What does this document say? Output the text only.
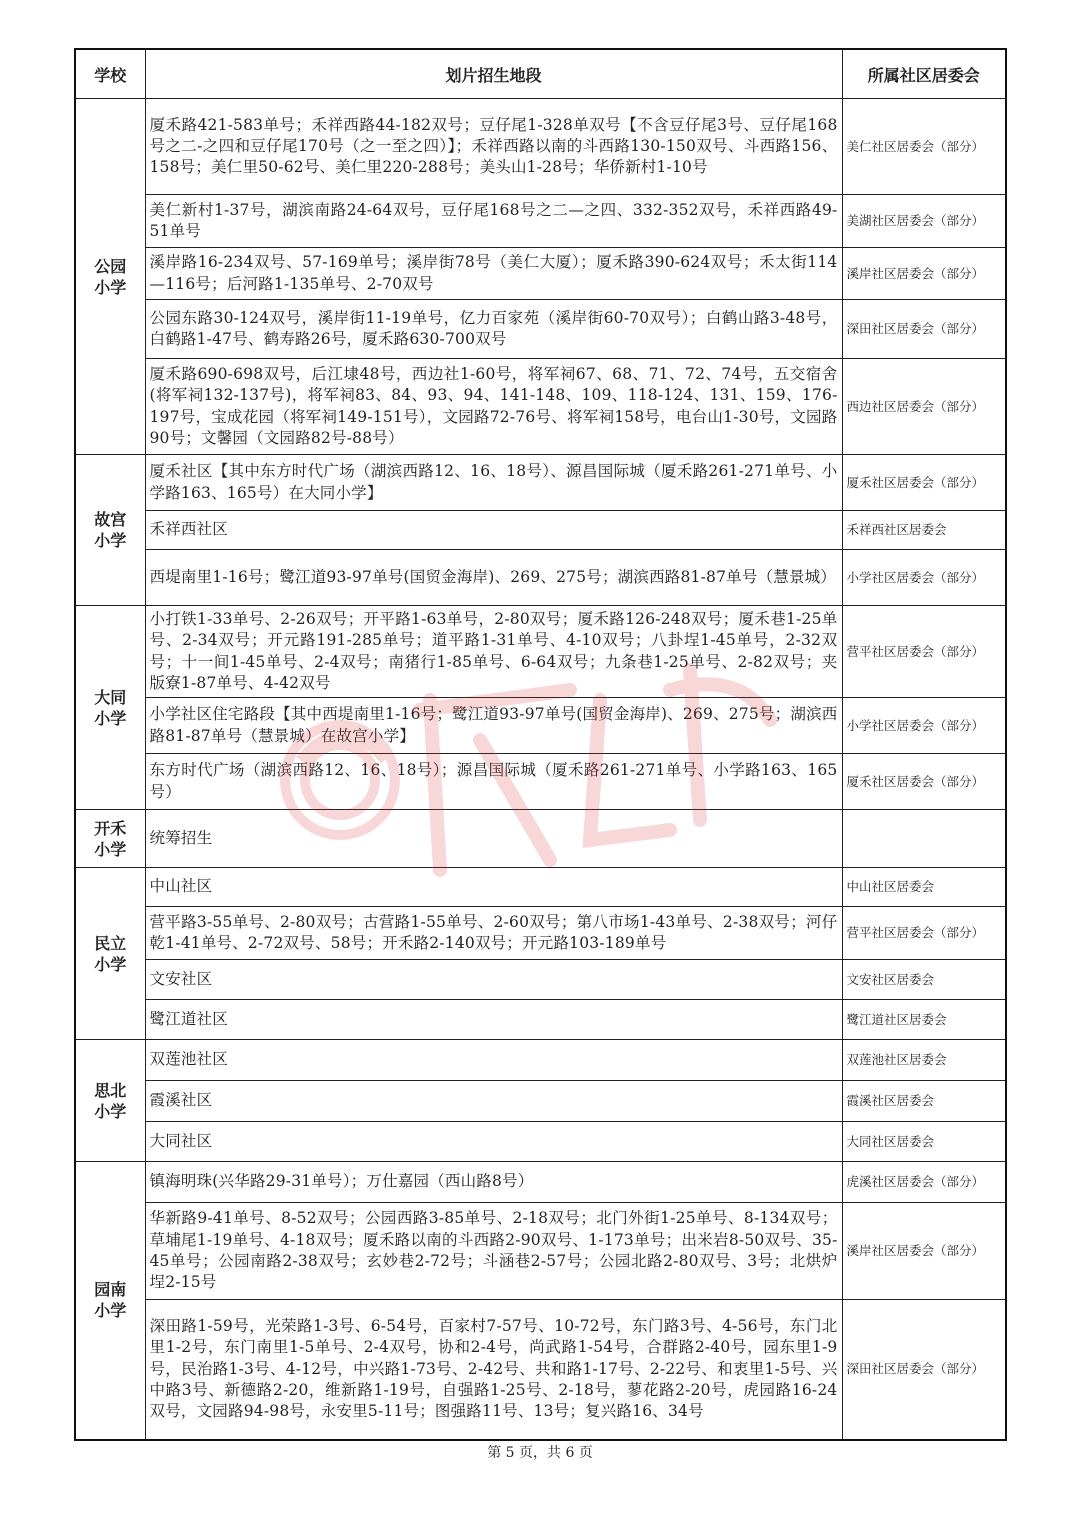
学校	划片招生地段	所属社区居委会
公园小学	厦禾路421-583单号；禾祥西路44-182双号；豆仔尾1-328单双号【不含豆仔尾3号、豆仔尾168号之二-之四和豆仔尾170号（之一至之四）】；禾祥西路以南的斗西路130-150双号、斗西路156、158号；美仁里50-62号、美仁里220-288号；美头山1-28号；华侨新村1-10号	美仁社区居委会（部分）
	美仁新村1-37号，湖滨南路24-64双号，豆仔尾168号之二—之四、332-352双号，禾祥西路49-51单号	美湖社区居委会（部分）
	溪岸路16-234双号、57-169单号；溪岸街78号（美仁大厦）；厦禾路390-624双号；禾太街114—116号；后河路1-135单号、2-70双号	溪岸社区居委会（部分）
	公园东路30-124双号，溪岸街11-19单号，亿力百家苑（溪岸街60-70双号）；白鹤山路3-48号，白鹤路1-47号、鹤寿路26号，厦禾路630-700双号	深田社区居委会（部分）
	厦禾路690-698双号，后江埭48号，西边社1-60号，将军祠67、68、71、72、74号，五交宿舍(将军祠132-137号)，将军祠83、84、93、94、141-148、109、118-124、131、159、176-197号，宝成花园（将军祠149-151号），文园路72-76号、将军祠158号，电台山1-30号，文园路90号；文馨园（文园路82号-88号）	西边社区居委会（部分）
故宫小学	厦禾社区【其中东方时代广场（湖滨西路12、16、18号）、源昌国际城（厦禾路261-271单号、小学路163、165号）在大同小学】	厦禾社区居委会（部分）
	禾祥西社区	禾祥西社区居委会
	西堤南里1-16号；鹭江道93-97单号(国贸金海岸)、269、275号；湖滨西路81-87单号（慧景城）	小学社区居委会（部分）
大同小学	小打铁1-33单号、2-26双号；开平路1-63单号，2-80双号；厦禾路126-248双号；厦禾巷1-25单号、2-34双号；开元路191-285单号；道平路1-31单号、4-10双号；八卦埕1-45单号，2-32双号；十一间1-45单号、2-4双号；南猪行1-85单号、6-64双号；九条巷1-25单号、2-82双号；夹版寮1-87单号、4-42双号	营平社区居委会（部分）
	小学社区住宅路段【其中西堤南里1-16号；鹭江道93-97单号(国贸金海岸)、269、275号；湖滨西路81-87单号（慧景城）在故宫小学】	小学社区居委会（部分）
	东方时代广场（湖滨西路12、16、18号）；源昌国际城（厦禾路261-271单号、小学路163、165号）	厦禾社区居委会（部分）
开禾小学	统筹招生	
民立小学	中山社区	中山社区居委会
	营平路3-55单号、2-80双号；古营路1-55单号、2-60双号；第八市场1-43单号、2-38双号；河仔乾1-41单号、2-72双号、58号；开禾路2-140双号；开元路103-189单号	营平社区居委会（部分）
	文安社区	文安社区居委会
	鹭江道社区	鹭江道社区居委会
思北小学	双莲池社区	双莲池社区居委会
	霞溪社区	霞溪社区居委会
	大同社区	大同社区居委会
园南小学	镇海明珠(兴华路29-31单号）；万仕嘉园（西山路8号）	虎溪社区居委会（部分）
	华新路9-41单号、8-52双号；公园西路3-85单号、2-18双号；北门外街1-25单号、8-134双号；草埔尾1-19单号、4-18双号；厦禾路以南的斗西路2-90双号、1-173单号；出米岩8-50双号、35-45单号；公园南路2-38双号；玄妙巷2-72号；斗涵巷2-57号；公园北路2-80双号、3号；北烘炉埕2-15号	溪岸社区居委会（部分）
	深田路1-59号，光荣路1-3号、6-54号，百家村7-57号、10-72号，东门路3号、4-56号，东门北里1-2号，东门南里1-5单号、2-4双号，协和2-4号，尚武路1-54号，合群路2-40号，园东里1-9号，民治路1-3号、4-12号，中兴路1-73号、2-42号、共和路1-17号、2-22号、和衷里1-5号、兴中路3号、新德路2-20，维新路1-19号，自强路1-25号、2-18号，蓼花路2-20号，虎园路16-24双号，文园路94-98号，永安里5-11号；图强路11号、13号；复兴路16、34号	深田社区居委会（部分）
第 5 页，共 6 页
